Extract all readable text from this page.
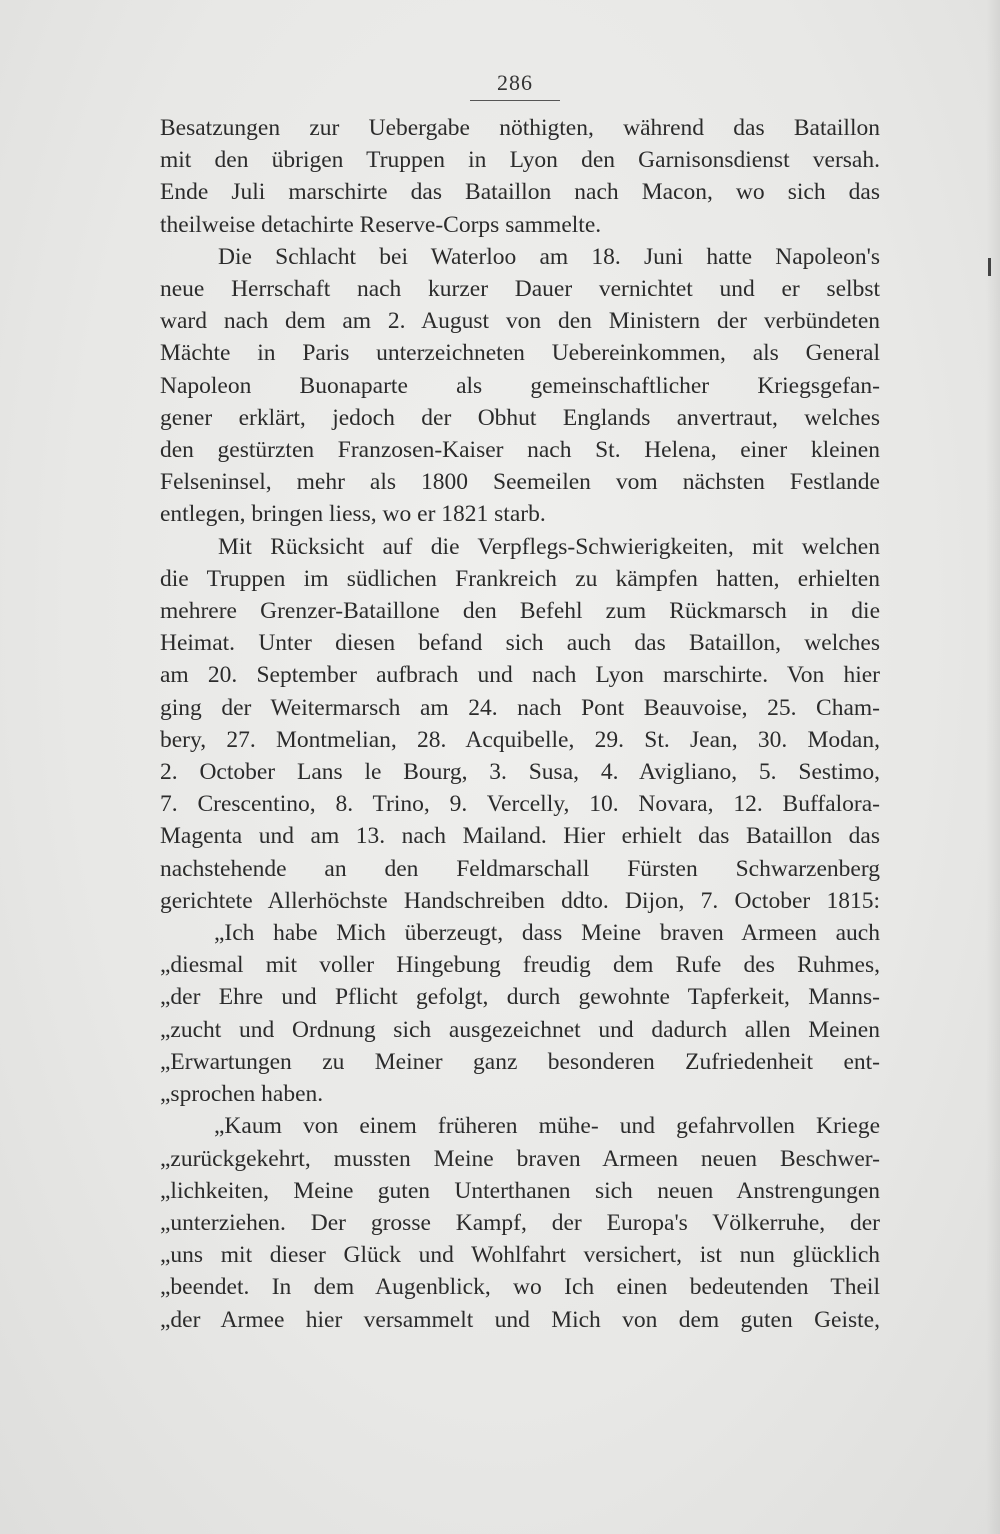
286
Besatzungen zur Uebergabe nöthigten, während das Bataillon
mit den übrigen Truppen in Lyon den Garnisonsdienst versah.
Ende Juli marschirte das Bataillon nach Macon, wo sich das
theilweise detachirte Reserve-Corps sammelte.
Die Schlacht bei Waterloo am 18. Juni hatte Napoleon's
neue Herrschaft nach kurzer Dauer vernichtet und er selbst
ward nach dem am 2. August von den Ministern der verbündeten
Mächte in Paris unterzeichneten Uebereinkommen, als General
Napoleon Buonaparte als gemeinschaftlicher Kriegsgefan-
gener erklärt, jedoch der Obhut Englands anvertraut, welches
den gestürzten Franzosen-Kaiser nach St. Helena, einer kleinen
Felseninsel, mehr als 1800 Seemeilen vom nächsten Festlande
entlegen, bringen liess, wo er 1821 starb.
Mit Rücksicht auf die Verpflegs-Schwierigkeiten, mit welchen
die Truppen im südlichen Frankreich zu kämpfen hatten, erhielten
mehrere Grenzer-Bataillone den Befehl zum Rückmarsch in die
Heimat. Unter diesen befand sich auch das Bataillon, welches
am 20. September aufbrach und nach Lyon marschirte. Von hier
ging der Weitermarsch am 24. nach Pont Beauvoise, 25. Cham-
bery, 27. Montmelian, 28. Acquibelle, 29. St. Jean, 30. Modan,
2. October Lans le Bourg, 3. Susa, 4. Avigliano, 5. Sestimo,
7. Crescentino, 8. Trino, 9. Vercelly, 10. Novara, 12. Buffalora-
Magenta und am 13. nach Mailand. Hier erhielt das Bataillon das
nachstehende an den Feldmarschall Fürsten Schwarzenberg
gerichtete Allerhöchste Handschreiben ddto. Dijon, 7. October 1815:
„Ich habe Mich überzeugt, dass Meine braven Armeen auch
„diesmal mit voller Hingebung freudig dem Rufe des Ruhmes,
„der Ehre und Pflicht gefolgt, durch gewohnte Tapferkeit, Manns-
„zucht und Ordnung sich ausgezeichnet und dadurch allen Meinen
„Erwartungen zu Meiner ganz besonderen Zufriedenheit ent-
„sprochen haben.
„Kaum von einem früheren mühe- und gefahrvollen Kriege
„zurückgekehrt, mussten Meine braven Armeen neuen Beschwer-
„lichkeiten, Meine guten Unterthanen sich neuen Anstrengungen
„unterziehen. Der grosse Kampf, der Europa's Völkerruhe, der
„uns mit dieser Glück und Wohlfahrt versichert, ist nun glücklich
„beendet. In dem Augenblick, wo Ich einen bedeutenden Theil
„der Armee hier versammelt und Mich von dem guten Geiste,
